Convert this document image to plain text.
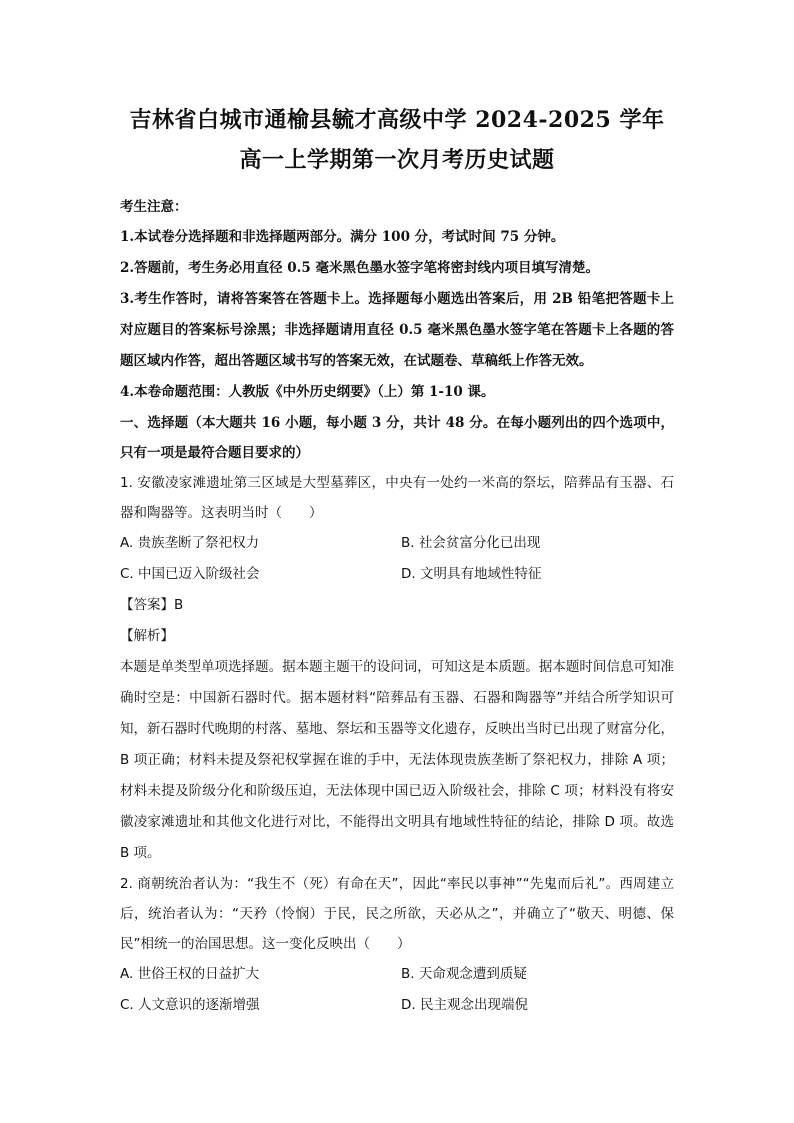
吉林省白城市通榆县毓才高级中学 2024-2025 学年
高一上学期第一次月考历史试题
考生注意：
1.本试卷分选择题和非选择题两部分。满分 100 分，考试时间 75 分钟。
2.答题前，考生务必用直径 0.5 毫米黑色墨水签字笔将密封线内项目填写清楚。
3.考生作答时，请将答案答在答题卡上。选择题每小题选出答案后，用 2B 铅笔把答题卡上对应题目的答案标号涂黑；非选择题请用直径 0.5 毫米黑色墨水签字笔在答题卡上各题的答题区域内作答，超出答题区域书写的答案无效，在试题卷、草稿纸上作答无效。
4.本卷命题范围：人教版《中外历史纲要》（上）第 1-10 课。
一、选择题（本大题共 16 小题，每小题 3 分，共计 48 分。在每小题列出的四个选项中，只有一项是最符合题目要求的）
1. 安徽凌家滩遗址第三区域是大型墓葬区，中央有一处约一米高的祭坛，陪葬品有玉器、石器和陶器等。这表明当时（　　）
A. 贵族垄断了祭祀权力	B. 社会贫富分化已出现
C. 中国已迈入阶级社会	D. 文明具有地域性特征
【答案】B
【解析】
本题是单类型单项选择题。据本题主题干的设问词，可知这是本质题。据本题时间信息可知准确时空是：中国新石器时代。据本题材料“陪葬品有玉器、石器和陶器等”并结合所学知识可知，新石器时代晚期的村落、墓地、祭坛和玉器等文化遗存，反映出当时已出现了财富分化，B 项正确；材料未提及祭祀权掌握在谁的手中，无法体现贵族垄断了祭祀权力，排除 A 项；材料未提及阶级分化和阶级压迫，无法体现中国已迈入阶级社会，排除 C 项；材料没有将安徽凌家滩遗址和其他文化进行对比，不能得出文明具有地域性特征的结论，排除 D 项。故选 B 项。
2. 商朝统治者认为：“我生不（死）有命在天”，因此“率民以事神”“先鬼而后礼”。西周建立后，统治者认为：“天矜（怜悯）于民，民之所欲，天必从之”，并确立了“敬天、明德、保民”相统一的治国思想。这一变化反映出（　　）
A. 世俗王权的日益扩大	B. 天命观念遭到质疑
C. 人文意识的逐渐增强	D. 民主观念出现端倪
